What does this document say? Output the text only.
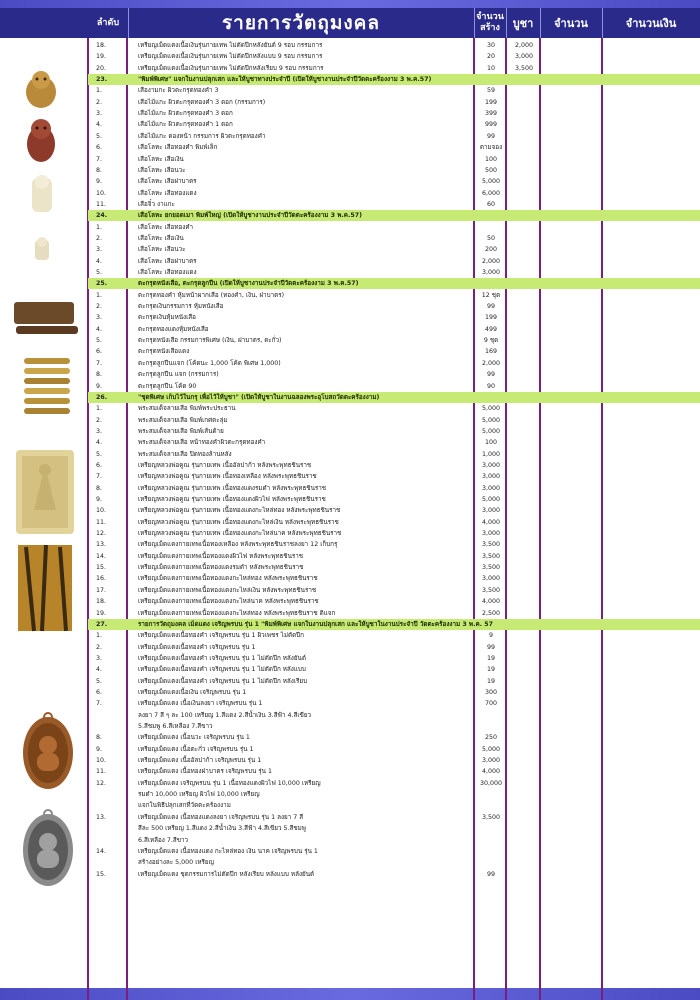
ลำดับ	รายการวัตถุมงคล	จำนวน สร้าง	บูชา	จำนวน	จำนวนเงิน
18.	เหรียญเม็ดแตงเนื้อเงินรุ่นกายเทพ ไม่ตัดปีกหลังยันต์ 9 รอบ กรรมการ	30	2,000
19.	เหรียญเม็ดแตงเนื้อเงินรุ่นกายเทพ ไม่ตัดปีกหลังแบบ 9 รอบ กรรมการ	20	3,000
20.	เหรียญเม็ดแตงเนื้อเงินรุ่นกายเทพ ไม่ตัดปีกหลังเรียบ 9 รอบ กรรมการ	10	3,500
23.	"พิมพ์พิเศษ" แจกในงานปลุกเสก และให้บูชาทางประจำปี (เปิดให้บูชางานประจำปีวัดตะคร้องงาม 3 พ.ค.57)
1.	เสืองามกะ ผิวตะกรุดทองคำ 3	59
2.	เสือไม้แกะ ผิวตะกรุดทองคำ 3 ดอก (กรรมการ)	199
3.	เสือไม้แกะ ผิวตะกรุดทองคำ 3 ดอก	399
4.	เสือไม้แกะ ผิวตะกรุดทองคำ 1 ดอก	999
5.	เสือไม้แกะ ตองหน้า กรรมการ ผิวตะกรุดทองคำ	99
6.	เสือโลหะ เสือทองคำ พิมพ์เล็ก	ตามจอง
7.	เสือโลหะ เสือเงิน	100
8.	เสือโลหะ เสือนวะ	500
9.	เสือโลหะ เสือฝาบาตร	5,000
10.	เสือโลหะ เสือทองแดง	6,000
11.	เสือจิ๋ว งาแกะ	60
24.	เสือโลหะ ยกยอดเมา พิมพ์ใหญ่ (เปิดให้บูชางานประจำปีวัดตะคร้องงาม 3 พ.ค.57)
1.	เสือโลหะ เสือทองคำ
2.	เสือโลหะ เสือเงิน	50
3.	เสือโลหะ เสือนวะ	200
4.	เสือโลหะ เสือฝาบาตร	2,000
5.	เสือโลหะ เสือทองแดง	3,000
25.	ตะกรุดหนังเสือ, ตะกรุดลูกปืน (เปิดให้บูชางานประจำปีวัดตะคร้องงาม 3 พ.ค.57)
1.	ตะกรุดทองคำ หุ้มหน้าผากเสือ (ทองคำ, เงิน, ฝาบาตร)	12 ชุด
2.	ตะกรุดเงินกรรมการ หุ้มหนังเสือ	99
3.	ตะกรุดเงินหุ้มหนังเสือ	199
4.	ตะกรุดทองแดงหุ้มหนังเสือ	499
5.	ตะกรุดหนังเสือ กรรมการพิเศษ (เงิน, ฝาบาตร, ตะกั่ว)	9 ชุด
6.	ตะกรุดหนังเสือแดง	169
7.	ตะกรุดลูกปืนแจก (โค้ดนะ 1,000 โค้ด พิเศษ 1,000)	2,000
8.	ตะกรุดลูกปืน แจก (กรรมการ)	99
9.	ตะกรุดลูกปืน โค้ด 90	90
26.	"ชุดพิเศษ เก็บไว้ในกรุ เพื่อไว้ให้บูชา" (เปิดให้บูชาในงานฉลองพระอุโบสถวัดตะคร้องงาม)
1.	พระสมเด็จลายเสือ พิมพ์พระประธาน	5,000
2.	พระสมเด็จลายเสือ พิมพ์เกศตะลุ่ม	5,000
3.	พระสมเด็จลายเสือ พิมพ์เส้นด้าย	5,000
4.	พระสมเด็จลายเสือ หน้าทองคำผิวตะกรุดทองคำ	100
5.	พระสมเด็จลายเสือ ปิดทองล้านหลัง	1,000
6.	เหรียญหลวงพ่อคูณ รุ่นกายเทพ เนื้ออัลปาก้า หลังพระพุทธชินราช	3,000
7.	เหรียญหลวงพ่อคูณ รุ่นกายเทพ เนื้อทองเหลือง หลังพระพุทธชินราช	3,000
8.	เหรียญหลวงพ่อคูณ รุ่นกายเทพ เนื้อทองแดงรมดำ หลังพระพุทธชินราช	3,000
9.	เหรียญหลวงพ่อคูณ รุ่นกายเทพ เนื้อทองแดงผิวไฟ หลังพระพุทธชินราช	5,000
10.	เหรียญหลวงพ่อคูณ รุ่นกายเทพ เนื้อทองแดงกะไหล่ทอง หลังพระพุทธชินราช	3,000
11.	เหรียญหลวงพ่อคูณ รุ่นกายเทพ เนื้อทองแดงกะไหล่เงิน หลังพระพุทธชินราช	4,000
12.	เหรียญหลวงพ่อคูณ รุ่นกายเทพ เนื้อทองแดงกะไหล่นาค หลังพระพุทธชินราช	3,000
13.	เหรียญเม็ดแตงกายเทพเนื้อทองเหลือง หลังพระพุทธชินราชลงยา 12 เก็บกรุ	3,500
14.	เหรียญเม็ดแตงกายเทพเนื้อทองแดงผิวไฟ หลังพระพุทธชินราช	3,500
15.	เหรียญเม็ดแตงกายเทพเนื้อทองแดงรมดำ หลังพระพุทธชินราช	3,500
16.	เหรียญเม็ดแตงกายเทพเนื้อทองแดงกะไหล่ทอง หลังพระพุทธชินราช	3,000
17.	เหรียญเม็ดแตงกายเทพเนื้อทองแดงกะไหล่เงิน หลังพระพุทธชินราช	3,500
18.	เหรียญเม็ดแตงกายเทพเนื้อทองแดงกะไหล่นาค หลังพระพุทธชินราช	4,000
19.	เหรียญเม็ดแตงกายเทพเนื้อทองแดงกะไหล่ทอง หลังพระพุทธชินราช ติแจก	2,500
27.	รายการวัตถุมงคล เม็ดแตง เจริญพรบน รุ่น 1 "พิมพ์พิเศษ แจกในงานปลุกเสก และให้บูชาในงานประจำปี วัดตะคร้องงาม 3 พ.ค. 57
1.	เหรียญเม็ดแตงเนื้อทองคำ เจริญพรบน รุ่น 1 ผิวเพชร ไม่ตัดปีก	9
2.	เหรียญเม็ดแตงเนื้อทองคำ เจริญพรบน รุ่น 1	99
3.	เหรียญเม็ดแตงเนื้อทองคำ เจริญพรบน รุ่น 1 ไม่ตัดปีก หลังยันต์	19
4.	เหรียญเม็ดแตงเนื้อทองคำ เจริญพรบน รุ่น 1 ไม่ตัดปีก หลังแบบ	19
5.	เหรียญเม็ดแตงเนื้อทองคำ เจริญพรบน รุ่น 1 ไม่ตัดปีก หลังเรียบ	19
6.	เหรียญเม็ดแตงเนื้อเงิน เจริญพรบน รุ่น 1	300
7.	เหรียญเม็ดแตง เนื้อเงินลงยา เจริญพรบน รุ่น 1	700
ลงยา 7 สี ๆ ละ 100 เหรียญ 1.สีแดง 2.สีน้ำเงิน 3.สีฟ้า 4.สีเขียว
5.สีชมพู 6.สีเหลือง 7.สีขาว
8.	เหรียญเม็ดแตง เนื้อนวะ เจริญพรบน รุ่น 1	250
9.	เหรียญเม็ดแตง เนื้อตะกั่ว เจริญพรบน รุ่น 1	5,000
10.	เหรียญเม็ดแตง เนื้ออัลปาก้า เจริญพรบน รุ่น 1	3,000
11.	เหรียญเม็ดแตง เนื้อทองฝาบาตร เจริญพรบน รุ่น 1	4,000
12.	เหรียญเม็ดแตง เจริญพรบน รุ่น 1 เนื้อทองแดงผิวไฟ 10,000 เหรียญ	30,000
รมดำ 10,000 เหรียญ ผิวไฟ 10,000 เหรียญ
แจกในพิธีปลุกเสกที่วัดตะคร้องงาม
13.	เหรียญเม็ดแตง เนื้อทองแดงลงยา เจริญพรบน รุ่น 1 ลงยา 7 สี	3,500
สีละ 500 เหรียญ 1.สีแดง 2.สีน้ำเงิน 3.สีฟ้า 4.สีเขียว 5.สีชมพู
6.สีเหลือง 7.สีขาว
14.	เหรียญเม็ดแตง เนื้อทองแดง กะไหล่ทอง เงิน นาค เจริญพรบน รุ่น 1
สร้างอย่างละ 5,000 เหรียญ
15.	เหรียญเม็ดแตง ชุดกรรมการไม่ตัดปีก หลังเรียบ หลังแบบ หลังยันต์	99
